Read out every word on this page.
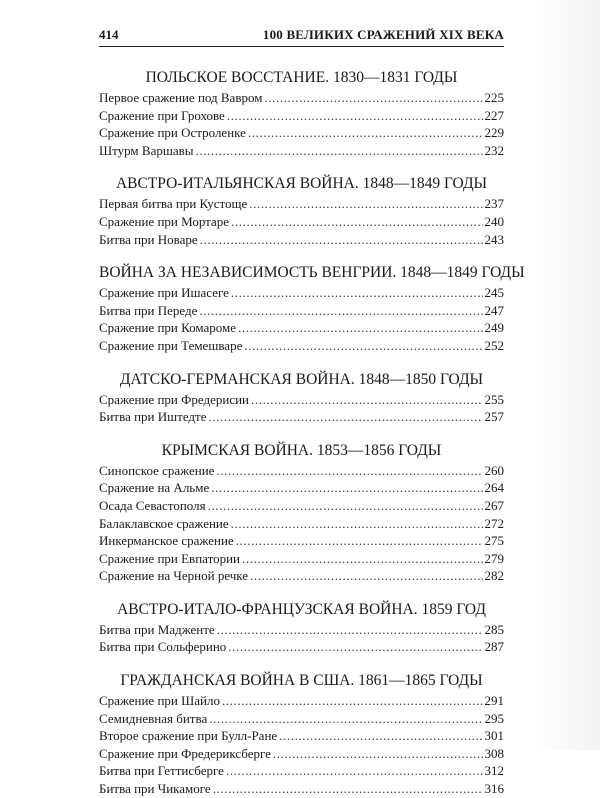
414	100 ВЕЛИКИХ СРАЖЕНИЙ XIX ВЕКА
ПОЛЬСКОЕ ВОССТАНИЕ. 1830—1831 ГОДЫ
Первое сражение под Вавром .....	225
Сражение при Грохове .....	227
Сражение при Остроленке .....	229
Штурм Варшавы .....	232
АВСТРО-ИТАЛЬЯНСКАЯ ВОЙНА. 1848—1849 ГОДЫ
Первая битва при Кустоще .....	237
Сражение при Мортаре .....	240
Битва при Новаре .....	243
ВОЙНА ЗА НЕЗАВИСИМОСТЬ ВЕНГРИИ. 1848—1849 ГОДЫ
Сражение при Ишасеге .....	245
Битва при Переде .....	247
Сражение при Комароме .....	249
Сражение при Темешваре .....	252
ДАТСКО-ГЕРМАНСКАЯ ВОЙНА. 1848—1850 ГОДЫ
Сражение при Фредерисии .....	255
Битва при Иштедте .....	257
КРЫМСКАЯ ВОЙНА. 1853—1856 ГОДЫ
Синопское сражение .....	260
Сражение на Альме .....	264
Осада Севастополя .....	267
Балаклавское сражение .....	272
Инкерманское сражение .....	275
Сражение при Евпатории .....	279
Сражение на Черной речке .....	282
АВСТРО-ИТАЛО-ФРАНЦУЗСКАЯ ВОЙНА. 1859 ГОД
Битва при Мадженте .....	285
Битва при Сольферино .....	287
ГРАЖДАНСКАЯ ВОЙНА В США. 1861—1865 ГОДЫ
Сражение при Шайло .....	291
Семидневная битва .....	295
Второе сражение при Булл-Ране .....	301
Сражение при Фредериксберге .....	308
Битва при Геттисберге .....	312
Битва при Чикамоге .....	316
